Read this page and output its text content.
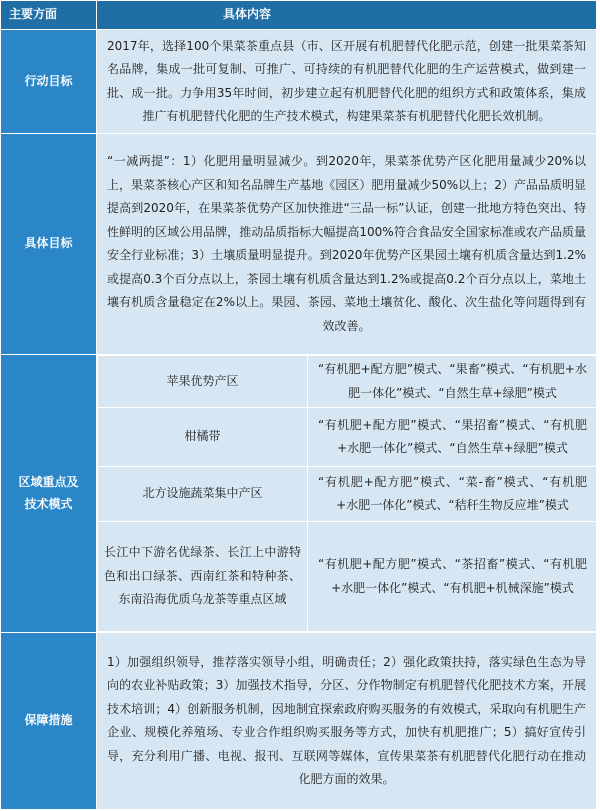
主要方面	具体内容
行动目标	2017年，选择100个果菜茶重点县（市、区开展有机肥替代化肥示范，创建一批果菜茶知名品牌，集成一批可复制、可推广、可持续的有机肥替代化肥的生产运营模式，做到建一批、成一批。力争用35年时间，初步建立起有机肥替代化肥的组织方式和政策体系，集成推广有机肥替代化肥的生产技术模式，构建果菜茶有机肥替代化肥长效机制。
具体目标	“一减两提”：1）化肥用量明显减少。到2020年，果菜茶优势产区化肥用量减少20%以上，果菜茶核心产区和知名品牌生产基地《园区）肥用量减少50%以上；2）产品品质明显提高到2020年，在果菜茶优势产区加快推进“三品一标”认证，创建一批地方特色突出、特性鲜明的区域公用品牌，推动品质指标大幅提高100%符合食品安全国家标准或农产品质量安全行业标准；3）土壤质量明显提升。到2020年优势产区果园土壤有机质含量达到1.2%或提高0.3个百分点以上，茶园土壤有机质含量达到1.2%或提高0.2个百分点以上，菜地土壤有机质含量稳定在2%以上。果园、茶园、菜地土壤贫化、酸化、次生盐化等问题得到有效改善。
区域重点及技术模式	
苹果优势产区	“有机肥+配方肥”模式、“果畜”模式、“有机肥+水肥一体化”模式、“自然生草+绿肥”模式
柑橘带	“有机肥+配方肥”模式、“果招畜”模式、“有机肥+水肥一体化”模式、“自然生草+绿肥”模式
北方设施蔬菜集中产区	“有机肥+配方肥”模式、“菜-畜”模式、“有机肥+水肥一体化”模式、“秸秆生物反应堆”模式
长江中下游名优绿茶、长江上中游特色和出口绿茶、西南红茶和特种茶、东南沿海优质乌龙茶等重点区域	“有机肥+配方肥”模式、“茶招畜”模式、“有机肥+水肥一体化”模式、“有机肥+机械深施”模式

保障措施	1）加强组织领导，推荐落实领导小组，明确责任；2）强化政策扶持，落实绿色生态为导向的农业补贴政策；3）加强技术指导，分区、分作物制定有机肥替代化肥技术方案，开展技术培训；4）创新服务机制，因地制宜探索政府购买服务的有效模式，采取向有机肥生产企业、规模化养殖场、专业合作组织购买服务等方式，加快有机肥推广；5）搞好宣传引导，充分利用广播、电视、报刊、互联网等媒体，宣传果菜茶有机肥替代化肥行动在推动化肥方面的效果。
